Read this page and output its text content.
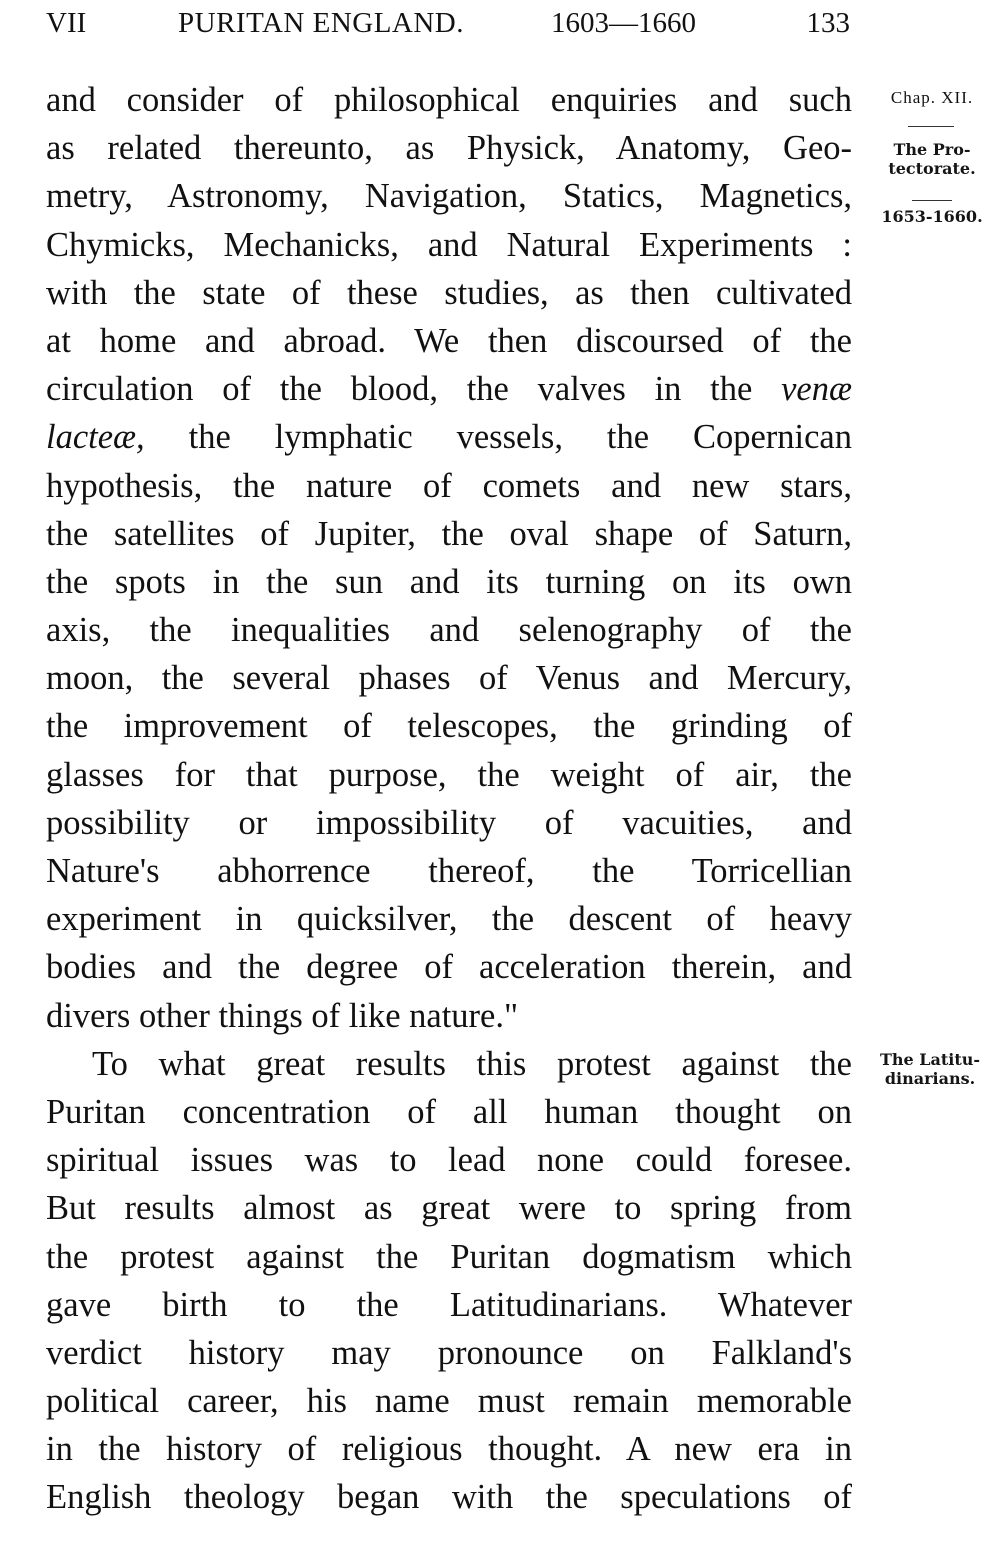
VII	PURITAN ENGLAND.	1603—1660	133
Chap. XII.
The Pro-
tectorate.
1653-1660.
The Latitu-
dinarians.
and consider of philosophical enquiries and such
as related thereunto, as Physick, Anatomy, Geo-
metry, Astronomy, Navigation, Statics, Magnetics,
Chymicks, Mechanicks, and Natural Experiments :
with the state of these studies, as then cultivated
at home and abroad. We then discoursed of the
circulation of the blood, the valves in the venæ
lacteæ, the lymphatic vessels, the Copernican
hypothesis, the nature of comets and new stars,
the satellites of Jupiter, the oval shape of Saturn,
the spots in the sun and its turning on its own
axis, the inequalities and selenography of the
moon, the several phases of Venus and Mercury,
the improvement of telescopes, the grinding of
glasses for that purpose, the weight of air, the
possibility or impossibility of vacuities, and
Nature's abhorrence thereof, the Torricellian
experiment in quicksilver, the descent of heavy
bodies and the degree of acceleration therein, and
divers other things of like nature."
To what great results this protest against the
Puritan concentration of all human thought on
spiritual issues was to lead none could foresee.
But results almost as great were to spring from
the protest against the Puritan dogmatism which
gave birth to the Latitudinarians. Whatever
verdict history may pronounce on Falkland's
political career, his name must remain memorable
in the history of religious thought. A new era in
English theology began with the speculations of
